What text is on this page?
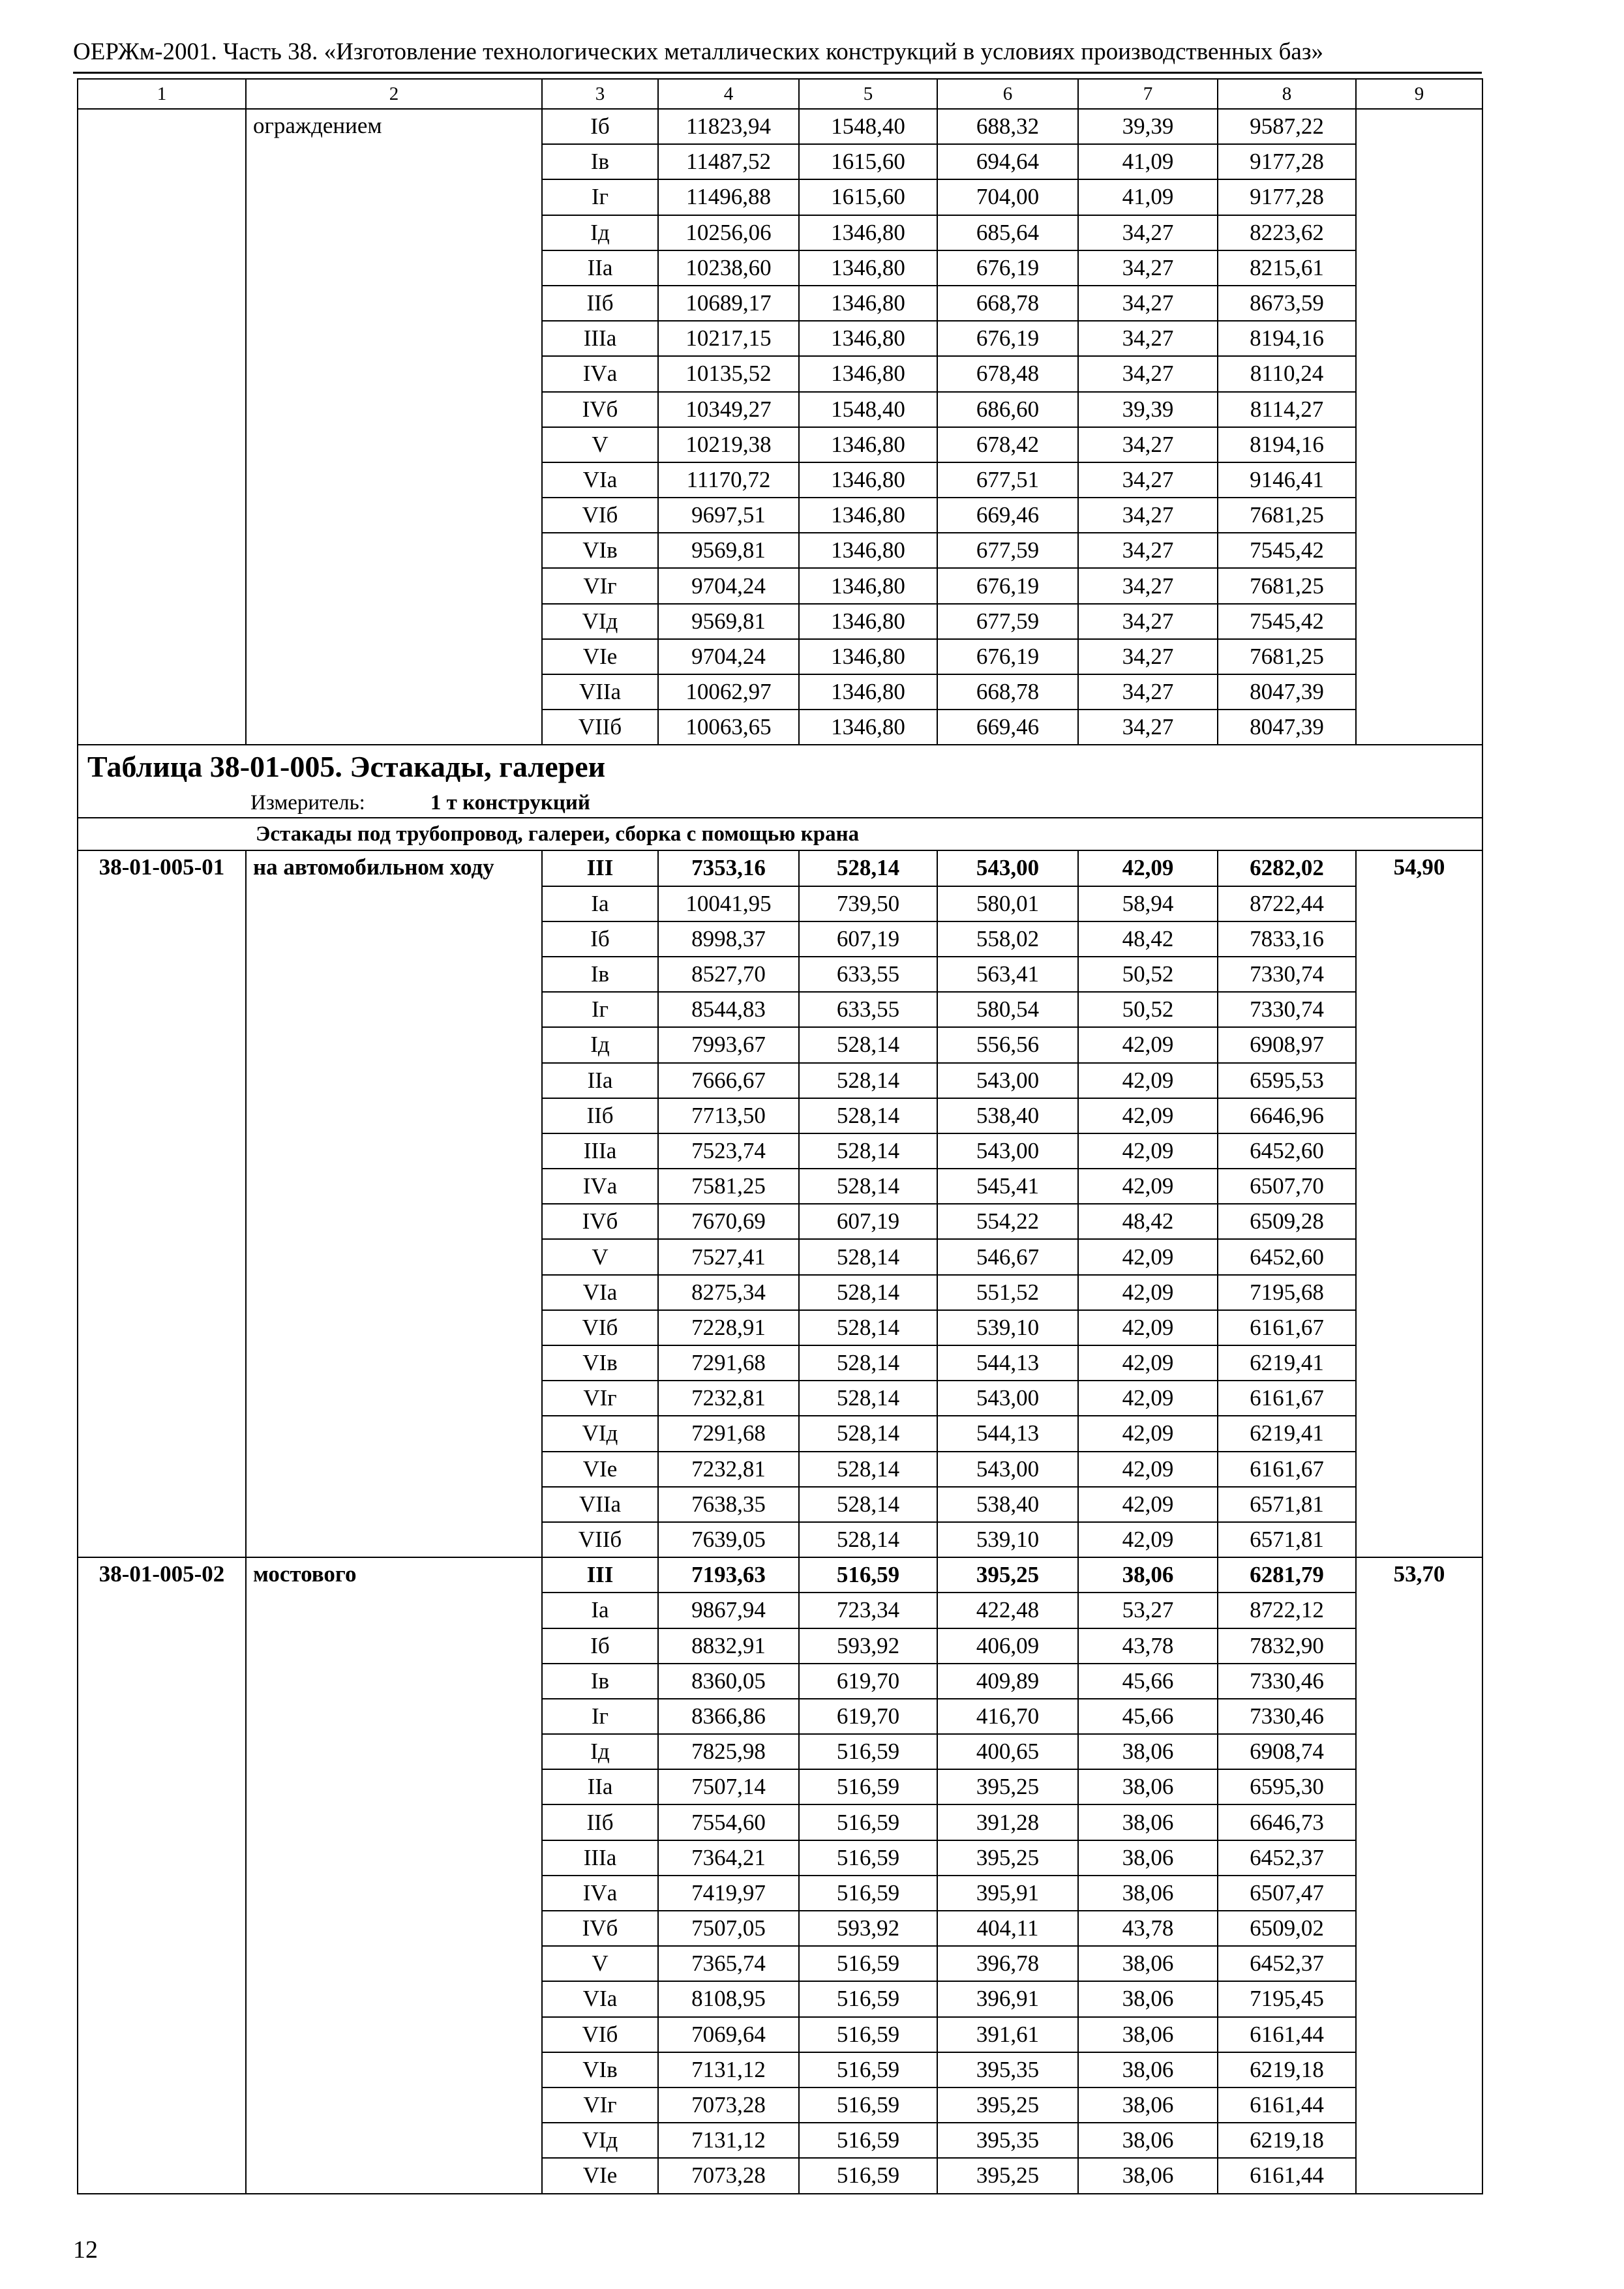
ОЕРЖм-2001. Часть 38. «Изготовление технологических металлических конструкций в условиях производственных баз»
1	2	3	4	5	6	7	8	9
	ограждением	Iб	11823,94	1548,40	688,32	39,39	9587,22	
		Iв	11487,52	1615,60	694,64	41,09	9177,28	
		Iг	11496,88	1615,60	704,00	41,09	9177,28	
		Iд	10256,06	1346,80	685,64	34,27	8223,62	
		IIа	10238,60	1346,80	676,19	34,27	8215,61	
		IIб	10689,17	1346,80	668,78	34,27	8673,59	
		IIIа	10217,15	1346,80	676,19	34,27	8194,16	
		IVа	10135,52	1346,80	678,48	34,27	8110,24	
		IVб	10349,27	1548,40	686,60	39,39	8114,27	
		V	10219,38	1346,80	678,42	34,27	8194,16	
		VIа	11170,72	1346,80	677,51	34,27	9146,41	
		VIб	9697,51	1346,80	669,46	34,27	7681,25	
		VIв	9569,81	1346,80	677,59	34,27	7545,42	
		VIг	9704,24	1346,80	676,19	34,27	7681,25	
		VIд	9569,81	1346,80	677,59	34,27	7545,42	
		VIе	9704,24	1346,80	676,19	34,27	7681,25	
		VIIа	10062,97	1346,80	668,78	34,27	8047,39	
		VIIб	10063,65	1346,80	669,46	34,27	8047,39	
Таблица 38-01-005. Эстакады, галереи								
Измеритель: 1 т конструкций								
Эстакады под трубопровод, галереи, сборка с помощью крана								
38-01-005-01	на автомобильном ходу	III	7353,16	528,14	543,00	42,09	6282,02	54,90
		Iа	10041,95	739,50	580,01	58,94	8722,44	
		Iб	8998,37	607,19	558,02	48,42	7833,16	
		Iв	8527,70	633,55	563,41	50,52	7330,74	
		Iг	8544,83	633,55	580,54	50,52	7330,74	
		Iд	7993,67	528,14	556,56	42,09	6908,97	
		IIа	7666,67	528,14	543,00	42,09	6595,53	
		IIб	7713,50	528,14	538,40	42,09	6646,96	
		IIIа	7523,74	528,14	543,00	42,09	6452,60	
		IVа	7581,25	528,14	545,41	42,09	6507,70	
		IVб	7670,69	607,19	554,22	48,42	6509,28	
		V	7527,41	528,14	546,67	42,09	6452,60	
		VIа	8275,34	528,14	551,52	42,09	7195,68	
		VIб	7228,91	528,14	539,10	42,09	6161,67	
		VIв	7291,68	528,14	544,13	42,09	6219,41	
		VIг	7232,81	528,14	543,00	42,09	6161,67	
		VIд	7291,68	528,14	544,13	42,09	6219,41	
		VIе	7232,81	528,14	543,00	42,09	6161,67	
		VIIа	7638,35	528,14	538,40	42,09	6571,81	
		VIIб	7639,05	528,14	539,10	42,09	6571,81	
38-01-005-02	мостового	III	7193,63	516,59	395,25	38,06	6281,79	53,70
		Iа	9867,94	723,34	422,48	53,27	8722,12	
		Iб	8832,91	593,92	406,09	43,78	7832,90	
		Iв	8360,05	619,70	409,89	45,66	7330,46	
		Iг	8366,86	619,70	416,70	45,66	7330,46	
		Iд	7825,98	516,59	400,65	38,06	6908,74	
		IIа	7507,14	516,59	395,25	38,06	6595,30	
		IIб	7554,60	516,59	391,28	38,06	6646,73	
		IIIа	7364,21	516,59	395,25	38,06	6452,37	
		IVа	7419,97	516,59	395,91	38,06	6507,47	
		IVб	7507,05	593,92	404,11	43,78	6509,02	
		V	7365,74	516,59	396,78	38,06	6452,37	
		VIа	8108,95	516,59	396,91	38,06	7195,45	
		VIб	7069,64	516,59	391,61	38,06	6161,44	
		VIв	7131,12	516,59	395,35	38,06	6219,18	
		VIг	7073,28	516,59	395,25	38,06	6161,44	
		VIд	7131,12	516,59	395,35	38,06	6219,18	
		VIе	7073,28	516,59	395,25	38,06	6161,44	
12
